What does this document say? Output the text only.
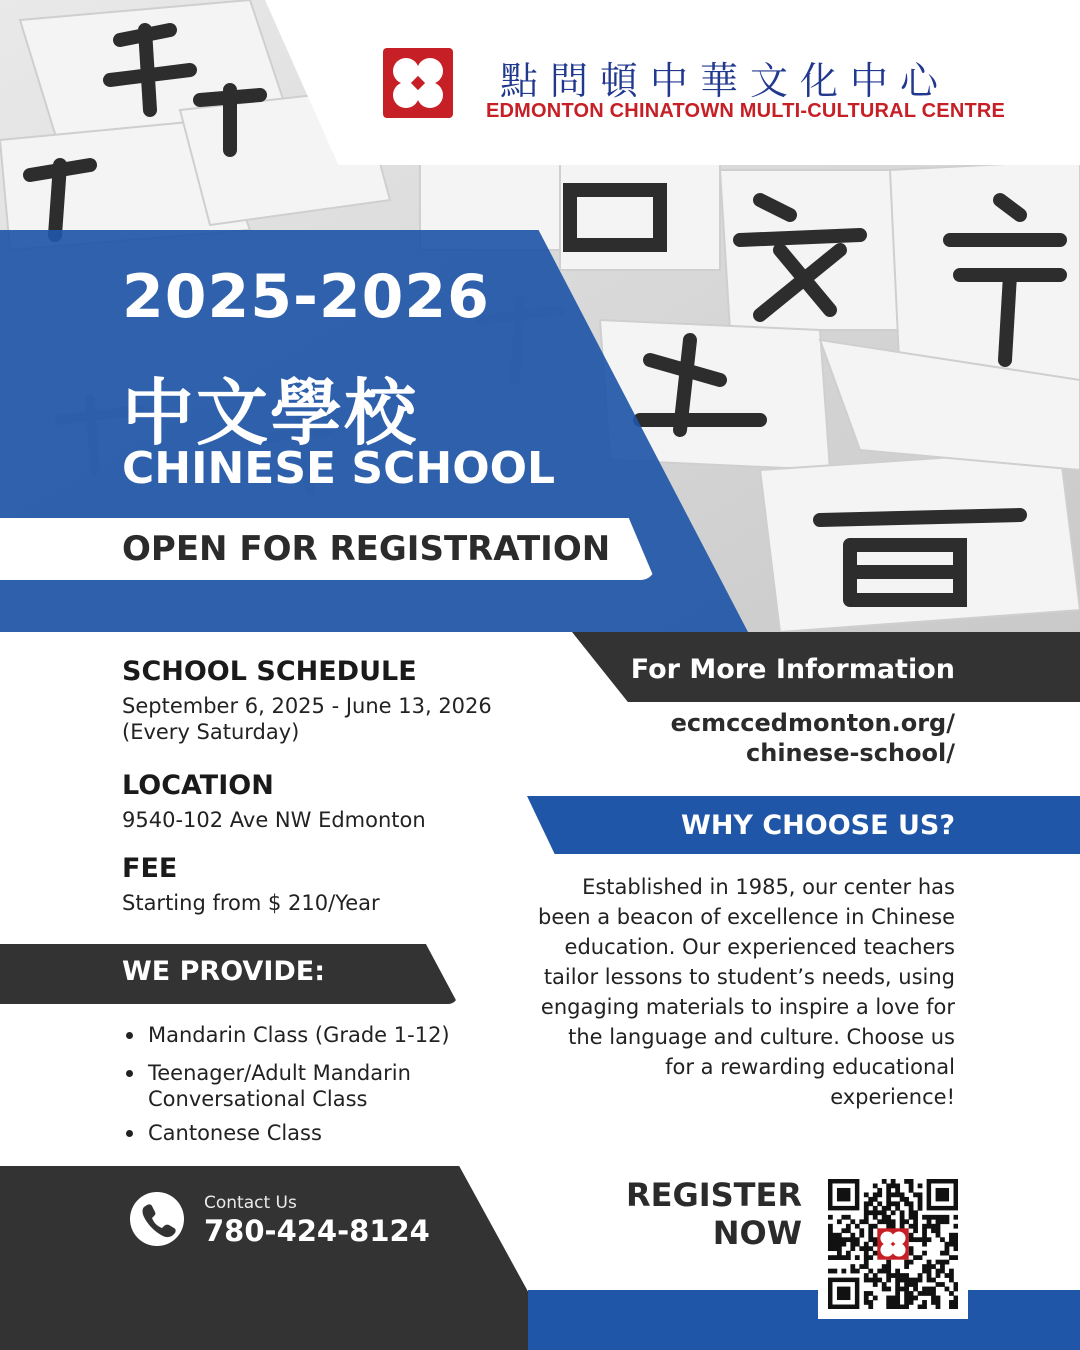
點問頓中華文化中心
EDMONTON CHINATOWN MULTI-CULTURAL CENTRE
2025-2026
中文學校
CHINESE SCHOOL
OPEN FOR REGISTRATION
SCHOOL SCHEDULE
September 6, 2025 - June 13, 2026
(Every Saturday)
LOCATION
9540-102 Ave NW Edmonton
FEE
Starting from $ 210/Year
WE PROVIDE:
Mandarin Class (Grade 1-12)
Teenager/Adult Mandarin Conversational Class
Cantonese Class
Contact Us
780-424-8124
For More Information
ecmccedmonton.org/
chinese-school/
WHY CHOOSE US?
Established in 1985, our center has been a beacon of excellence in Chinese education. Our experienced teachers tailor lessons to student’s needs, using engaging materials to inspire a love for the language and culture. Choose us for a rewarding educational experience!
REGISTER
NOW
